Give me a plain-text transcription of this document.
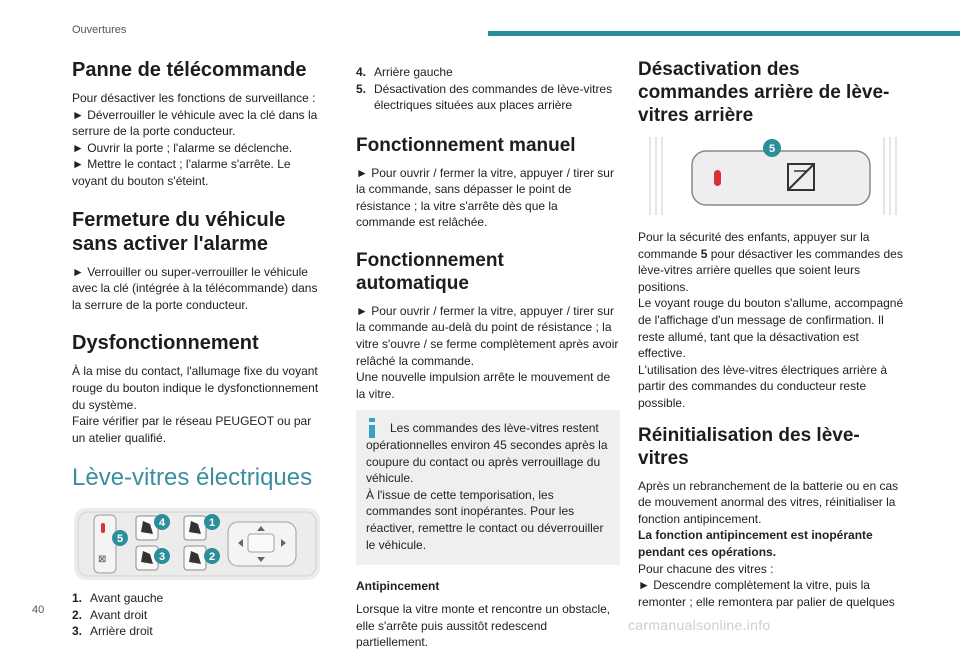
Ouvertures
40
carmanualsonline.info
Panne de télécommande
Pour désactiver les fonctions de surveillance :
► Déverrouiller le véhicule avec la clé dans la serrure de la porte conducteur.
► Ouvrir la porte ; l'alarme se déclenche.
► Mettre le contact ; l'alarme s'arrête. Le voyant du bouton s'éteint.
Fermeture du véhicule sans activer l'alarme
► Verrouiller ou super-verrouiller le véhicule avec la clé (intégrée à la télécommande) dans la serrure de la porte conducteur.
Dysfonctionnement
À la mise du contact, l'allumage fixe du voyant rouge du bouton indique le dysfonctionnement du système.
Faire vérifier par le réseau PEUGEOT ou par un atelier qualifié.
Lève-vitres électriques
⊠
4	1
3	2
5
1. Avant gauche
2. Avant droit
3. Arrière droit
4. Arrière gauche
5. Désactivation des commandes de lève-vitres électriques situées aux places arrière
Fonctionnement manuel
► Pour ouvrir / fermer la vitre, appuyer / tirer sur la commande, sans dépasser le point de résistance ; la vitre s'arrête dès que la commande est relâchée.
Fonctionnement automatique
► Pour ouvrir / fermer la vitre, appuyer / tirer sur la commande au-delà du point de résistance ; la vitre s'ouvre / se ferme complètement après avoir relâché la commande.
Une nouvelle impulsion arrête le mouvement de la vitre.
Les commandes des lève-vitres restent opérationnelles environ 45 secondes après la coupure du contact ou après verrouillage du véhicule.
À l'issue de cette temporisation, les commandes sont inopérantes. Pour les réactiver, remettre le contact ou déverrouiller le véhicule.
Antipincement
Lorsque la vitre monte et rencontre un obstacle, elle s'arrête puis aussitôt redescend partiellement.
Désactivation des commandes arrière de lève-vitres arrière
5
Pour la sécurité des enfants, appuyer sur la commande 5 pour désactiver les commandes des lève-vitres arrière quelles que soient leurs positions.
Le voyant rouge du bouton s'allume, accompagné de l'affichage d'un message de confirmation. Il reste allumé, tant que la désactivation est effective.
L'utilisation des lève-vitres électriques arrière à partir des commandes du conducteur reste possible.
Réinitialisation des lève-vitres
Après un rebranchement de la batterie ou en cas de mouvement anormal des vitres, réinitialiser la fonction antipincement.
La fonction antipincement est inopérante pendant ces opérations.
Pour chacune des vitres :
► Descendre complètement la vitre, puis la remonter ; elle remontera par palier de quelques
